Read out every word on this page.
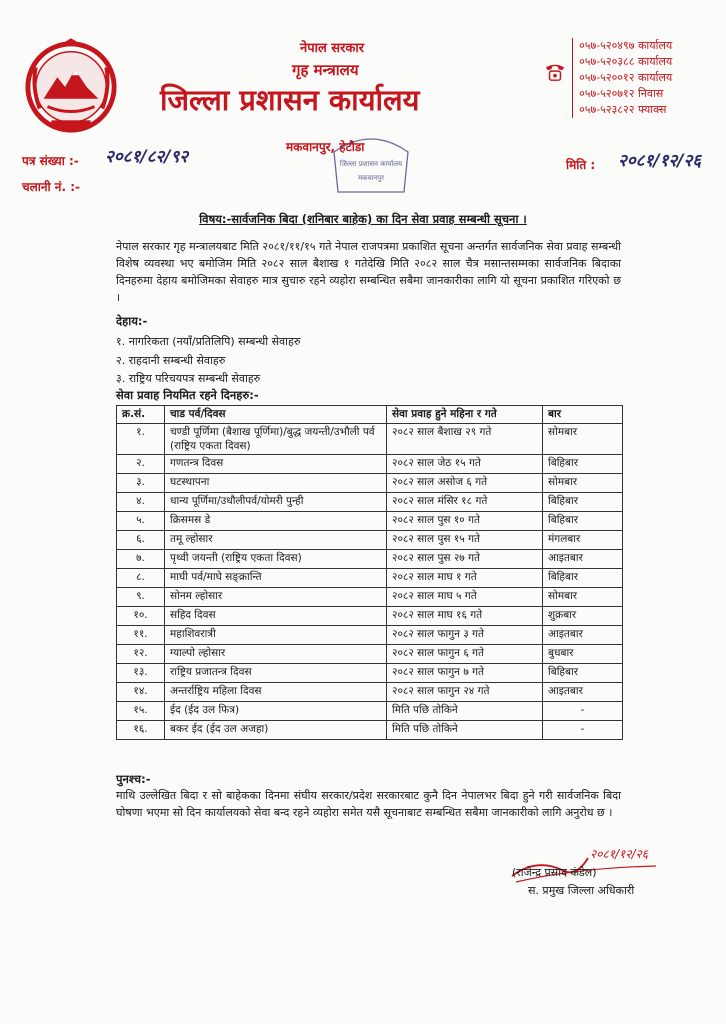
नेपाल सरकार
गृह मन्त्रालय
जिल्ला प्रशासन कार्यालय
मकवानपुर, हेटौडा
०५७-५२०४९७ कार्यालय
०५७-५२०३८८ कार्यालय
०५७-५२००१२ कार्यालय
०५७-५२०७१२ निवास
०५७-५२३८२२ फ्याक्स
जिल्ला प्रशासन कार्यालय
मकवानपुर
पत्र संख्या :- २०८१/८२/९२
चलानी नं. :-
मिति : २०८१/१२/२६
विषय:-सार्वजनिक बिदा (शनिबार बाहेक) का दिन सेवा प्रवाह सम्बन्धी सूचना ।
नेपाल सरकार गृह मन्त्रालयबाट मिति २०८१/११/१५ गते नेपाल राजपत्रमा प्रकाशित सूचना अन्तर्गत सार्वजनिक सेवा प्रवाह सम्बन्धी विशेष व्यवस्था भए बमोजिम मिति २०८२ साल बैशाख १ गतेदेखि मिति २०८२ साल चैत्र मसान्तसम्मका सार्वजनिक बिदाका दिनहरुमा देहाय बमोजिमका सेवाहरु मात्र सुचारु रहने व्यहोरा सम्बन्धित सबैमा जानकारीका लागि यो सूचना प्रकाशित गरिएको छ ।
देहाय:-
१. नागरिकता (नयाँ/प्रतिलिपि) सम्बन्धी सेवाहरु
२. राहदानी सम्बन्धी सेवाहरु
३. राष्ट्रिय परिचयपत्र सम्बन्धी सेवाहरु
सेवा प्रवाह नियमित रहने दिनहरु:-
क्र.सं.	चाड पर्व/दिवस	सेवा प्रवाह हुने महिना र गते	बार
१.	चण्डी पूर्णिमा (बैशाख पूर्णिमा)/बुद्ध जयन्ती/उभौली पर्व (राष्ट्रिय एकता दिवस)	२०८२ साल बैशाख २९ गते	सोमबार
२.	गणतन्त्र दिवस	२०८२ साल जेठ १५ गते	बिहिबार
३.	घटस्थापना	२०८२ साल असोज ६ गते	सोमबार
४.	धान्य पूर्णिमा/उधौलीपर्व/योमरी पुन्ही	२०८२ साल मंसिर १८ गते	बिहिबार
५.	क्रिसमस डे	२०८२ साल पुस १० गते	बिहिबार
६.	तमू ल्होसार	२०८२ साल पुस १५ गते	मंगलबार
७.	पृथ्वी जयन्ती (राष्ट्रिय एकता दिवस)	२०८२ साल पुस २७ गते	आइतबार
८.	माघी पर्व/माघे सङ्क्रान्ति	२०८२ साल माघ १ गते	बिहिबार
९.	सोनम ल्होसार	२०८२ साल माघ ५ गते	सोमबार
१०.	सहिद दिवस	२०८२ साल माघ १६ गते	शुक्रबार
११.	महाशिवरात्री	२०८२ साल फागुन ३ गते	आइतबार
१२.	ग्याल्पो ल्होसार	२०८२ साल फागुन ६ गते	बुधबार
१३.	राष्ट्रिय प्रजातन्त्र दिवस	२०८२ साल फागुन ७ गते	बिहिबार
१४.	अन्तर्राष्ट्रिय महिला दिवस	२०८२ साल फागुन २४ गते	आइतबार
१५.	ईद (ईद उल फित्र)	मिति पछि तोकिने	-
१६.	बकर ईद (ईद उल अजहा)	मिति पछि तोकिने	-
पुनश्च:-
माथि उल्लेखित बिदा र सो बाहेकका दिनमा संघीय सरकार/प्रदेश सरकारबाट कुनै दिन नेपालभर बिदा हुने गरी सार्वजनिक बिदा घोषणा भएमा सो दिन कार्यालयको सेवा बन्द रहने व्यहोरा समेत यसै सूचनाबाट सम्बन्धित सबैमा जानकारीको लागि अनुरोध छ ।
२०८१/१२/२६
(राजेन्द्र प्रसाद कंडेल)
स. प्रमुख जिल्ला अधिकारी
